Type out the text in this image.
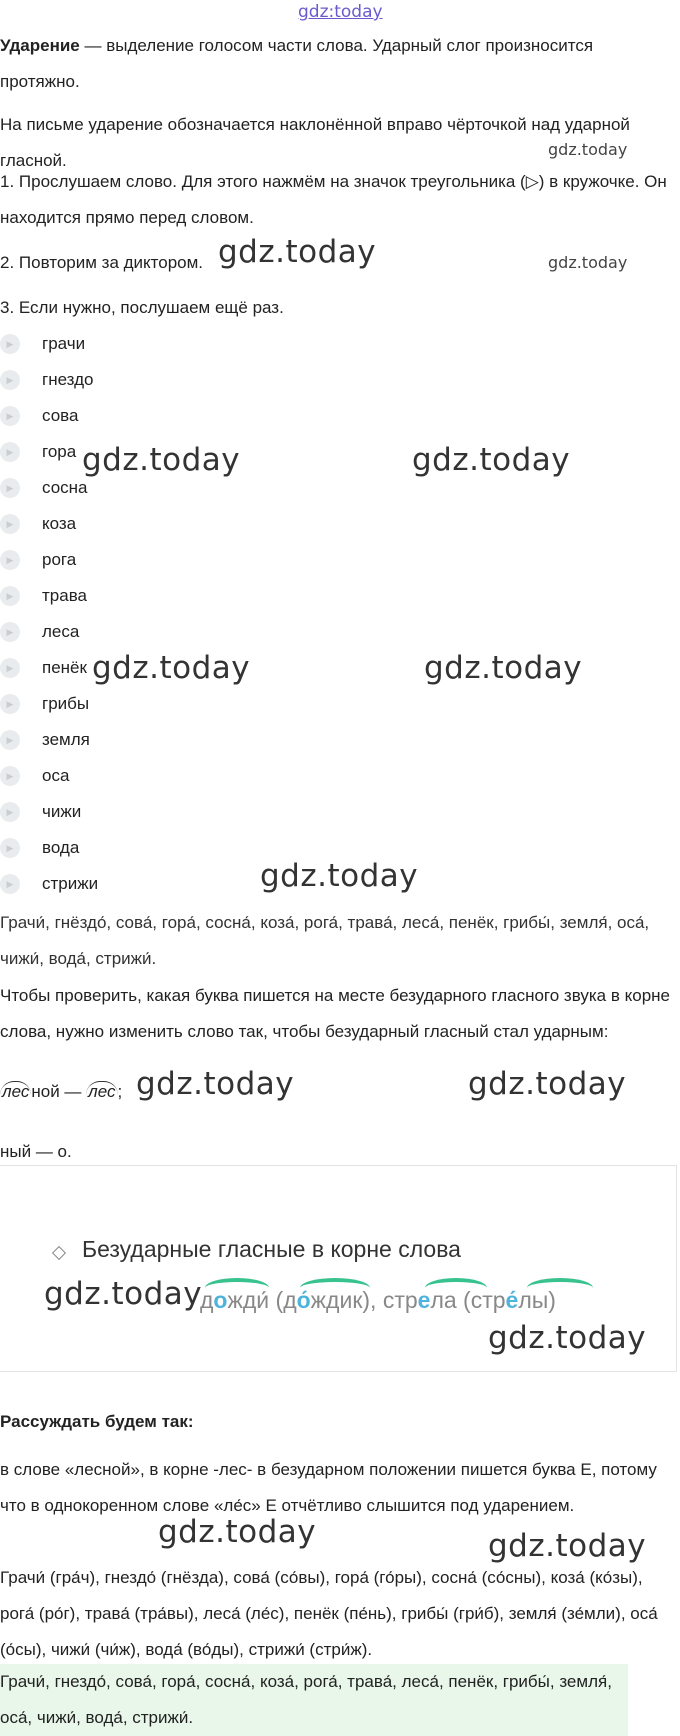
gdz:today

Ударение — выделение голосом части слова. Ударный слог произносится протяжно.

На письме ударение обозначается наклонённой вправо чёрточкой над ударной гласной.

gdz.today

1. Прослушаем слово. Для этого нажмём на значок треугольника (▷) в кружочке. Он находится прямо перед словом.

2. Повторим за диктором. gdz.today	gdz.today

3. Если нужно, послушаем ещё раз.

▶	грачи
▶	гнездо
▶	сова
▶	гора
▶	сосна
▶	коза
▶	рога
▶	трава
▶	леса
▶	пенёк
▶	грибы
▶	земля
▶	оса
▶	чижи
▶	вода
▶	стрижи
gdz.today	gdz.today
gdz.today	gdz.today
gdz.today

Грачи́, гнёздо́, сова́, гора́, сосна́, коза́, рога́, трава́, леса́, пенёк, грибы́, земля́, оса́, чижи́, вода́, стрижи́.

Чтобы проверить, какая буква пишется на месте безударного гласного звука в корне слова, нужно изменить слово так, чтобы безударный гласный стал ударным:

gdz.today	gdz.today
лес ной — лес ;

ный — о.

Безударные гласные в корне слова
дожди́ (до́ждик), стрела (стре́лы)
gdz.today
gdz.today

Рассуждать будем так:

в слове «лесной», в корне -лес- в безударном положении пишется буква Е, потому что в однокоренном слове «ле́с» Е отчётливо слышится под ударением.

gdz.today	gdz.today

Грачи́ (гра́ч), гнездо́ (гнёзда), сова́ (со́вы), гора́ (го́ры), сосна́ (со́сны), коза́ (ко́зы), рога́ (ро́г), трава́ (тра́вы), леса́ (ле́с), пенёк (пе́нь), грибы́ (гри́б), земля́ (зе́мли), оса́ (о́сы), чижи́ (чи́ж), вода́ (во́ды), стрижи́ (стри́ж).

Грачи́, гнездо́, сова́, гора́, сосна́, коза́, рога́, трава́, леса́, пенёк, грибы́, земля́, оса́, чижи́, вода́, стрижи́.
